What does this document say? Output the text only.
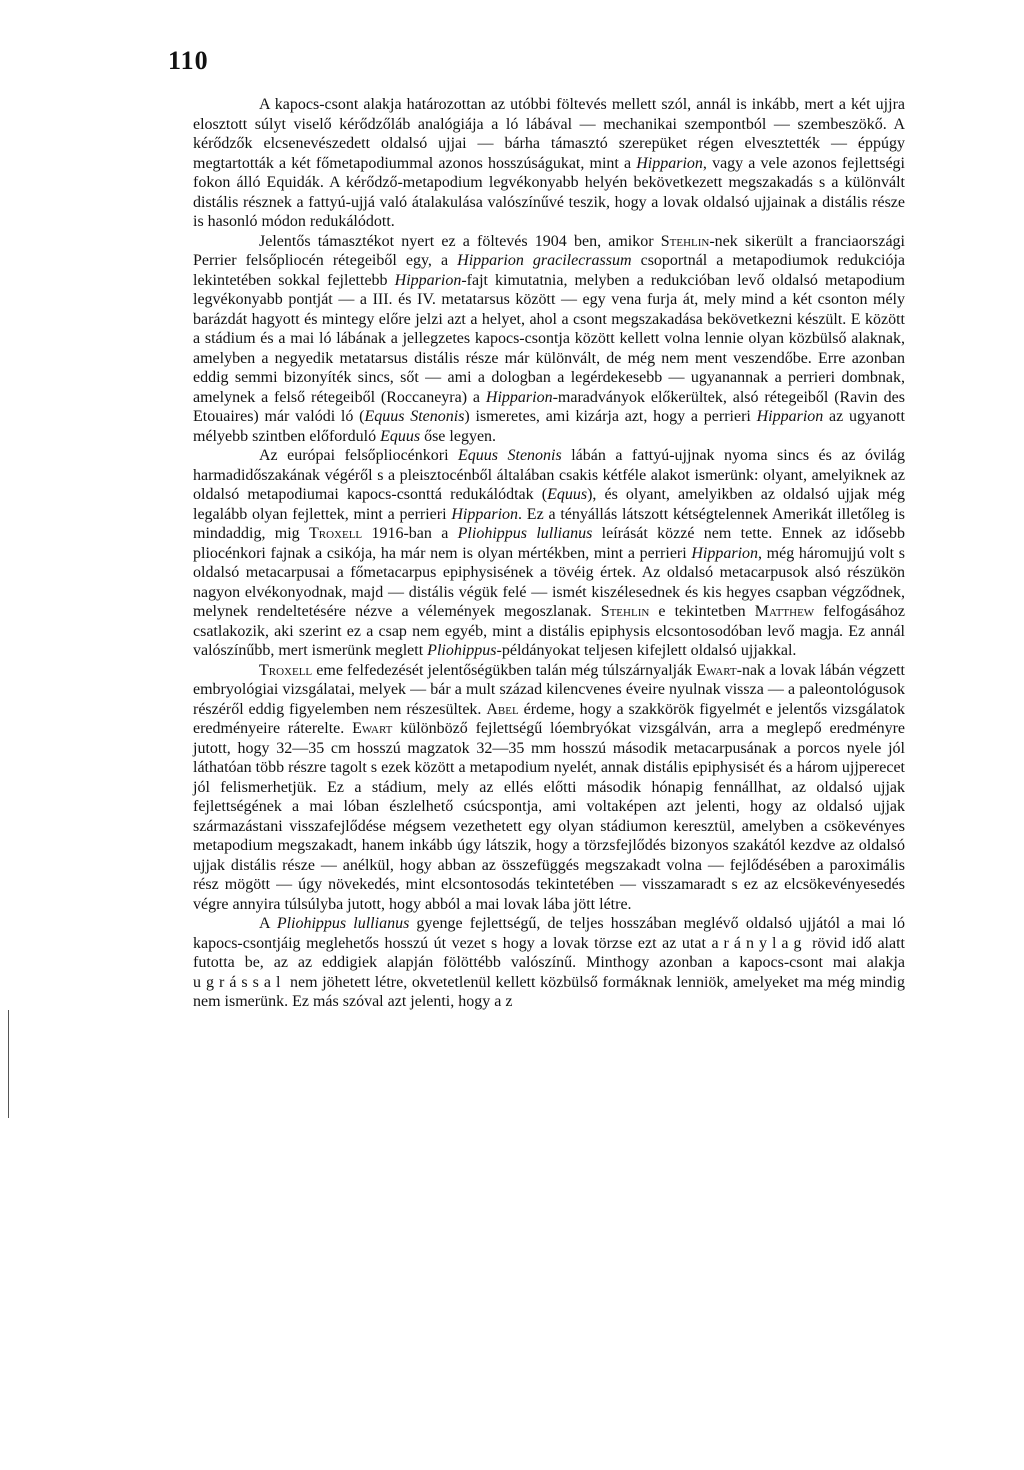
110

A kapocs-csont alakja határozottan az utóbbi föltevés mellett szól, annál is inkább, mert a két ujjra elosztott súlyt viselő kérődzőláb analógiája a ló lábával — mechanikai szempontból — szembeszökő. A kérődzők elcsenevészedett oldalsó ujjai — bárha támasztó szerepüket régen elvesztették — éppúgy megtartották a két főmetapodiummal azonos hosszúságukat, mint a Hipparion, vagy a vele azonos fejlettségi fokon álló Equidák. A kérődző-metapodium legvékonyabb helyén bekövetkezett megszakadás s a különvált distális résznek a fattyú-ujjá való átalakulása valószínűvé teszik, hogy a lovak oldalsó ujjainak a distális része is hasonló módon redukálódott.

Jelentős támasztékot nyert ez a föltevés 1904 ben, amikor Stehlin-nek sikerült a franciaországi Perrier felsőpliocén rétegeiből egy, a Hipparion gracilecrassum csoportnál a metapodiumok redukciója lekintetében sokkal fejlettebb Hipparion-fajt kimutatnia, melyben a redukcióban levő oldalsó metapodium legvékonyabb pontját — a III. és IV. metatarsus között — egy vena furja át, mely mind a két csonton mély barázdát hagyott és mintegy előre jelzi azt a helyet, ahol a csont megszakadása bekövetkezni készült. E között a stádium és a mai ló lábának a jellegzetes kapocs-csontja között kellett volna lennie olyan közbülső alaknak, amelyben a negyedik metatarsus distális része már különvált, de még nem ment veszendőbe. Erre azonban eddig semmi bizonyíték sincs, sőt — ami a dologban a legérdekesebb — ugyanannak a perrieri dombnak, amelynek a felső rétegeiből (Roccaneyra) a Hipparion-maradványok előkerültek, alsó rétegeiből (Ravin des Etouaires) már valódi ló (Equus Stenonis) ismeretes, ami kizárja azt, hogy a perrieri Hipparion az ugyanott mélyebb szintben előforduló Equus őse legyen.

Az európai felsőpliocénkori Equus Stenonis lábán a fattyú-ujjnak nyoma sincs és az óvilág harmadidőszakának végéről s a pleisztocénből általában csakis kétféle alakot ismerünk: olyant, amelyiknek az oldalsó metapodiumai kapocs-csonttá redukálódtak (Equus), és olyant, amelyikben az oldalsó ujjak még legalább olyan fejlettek, mint a perrieri Hipparion. Ez a tényállás látszott kétségtelennek Amerikát illetőleg is mindaddig, mig Troxell 1916-ban a Pliohippus lullianus leírását közzé nem tette. Ennek az idősebb pliocénkori fajnak a csikója, ha már nem is olyan mértékben, mint a perrieri Hipparion, még háromujjú volt s oldalsó metacarpusai a főmetacarpus epiphysisének a tövéig értek. Az oldalsó metacarpusok alsó részükön nagyon elvékonyodnak, majd — distális végük felé — ismét kiszélesednek és kis hegyes csapban végződnek, melynek rendeltetésére nézve a vélemények megoszlanak. Stehlin e tekintetben Matthew felfogásához csatlakozik, aki szerint ez a csap nem egyéb, mint a distális epiphysis elcsontosodóban levő magja. Ez annál valószínűbb, mert ismerünk meglett Pliohippus-példányokat teljesen kifejlett oldalsó ujjakkal.

Troxell eme felfedezését jelentőségükben talán még túlszárnyalják Ewart-nak a lovak lábán végzett embryológiai vizsgálatai, melyek — bár a mult század kilencvenes éveire nyulnak vissza — a paleontológusok részéről eddig figyelemben nem részesültek. Abel érdeme, hogy a szakkörök figyelmét e jelentős vizsgálatok eredményeire ráterelte. Ewart különböző fejlettségű lóembryókat vizsgálván, arra a meglepő eredményre jutott, hogy 32—35 cm hosszú magzatok 32—35 mm hosszú második metacarpusának a porcos nyele jól láthatóan több részre tagolt s ezek között a metapodium nyelét, annak distális epiphysisét és a három ujjperecet jól felismerhetjük. Ez a stádium, mely az ellés előtti második hónapig fennállhat, az oldalsó ujjak fejlettségének a mai lóban észlelhető csúcspontja, ami voltaképen azt jelenti, hogy az oldalsó ujjak származástani visszafejlődése mégsem vezethetett egy olyan stádiumon keresztül, amelyben a csökevényes metapodium megszakadt, hanem inkább úgy látszik, hogy a törzsfejlődés bizonyos szakától kezdve az oldalsó ujjak distális része — anélkül, hogy abban az összefüggés megszakadt volna — fejlődésében a paroximális rész mögött — úgy növekedés, mint elcsontosodás tekintetében — visszamaradt s ez az elcsökevényesedés végre annyira túlsúlyba jutott, hogy abból a mai lovak lába jött létre.

A Pliohippus lullianus gyenge fejlettségű, de teljes hosszában meglévő oldalsó ujjától a mai ló kapocs-csontjáig meglehetős hosszú út vezet s hogy a lovak törzse ezt az utat aránylag rövid idő alatt futotta be, az az eddigiek alapján fölöttébb valószínű. Minthogy azonban a kapocs-csont mai alakja ugrással nem jöhetett létre, okvetetlenül kellett közbülső formáknak lenniök, amelyeket ma még mindig nem ismerünk. Ez más szóval azt jelenti, hogy a z
